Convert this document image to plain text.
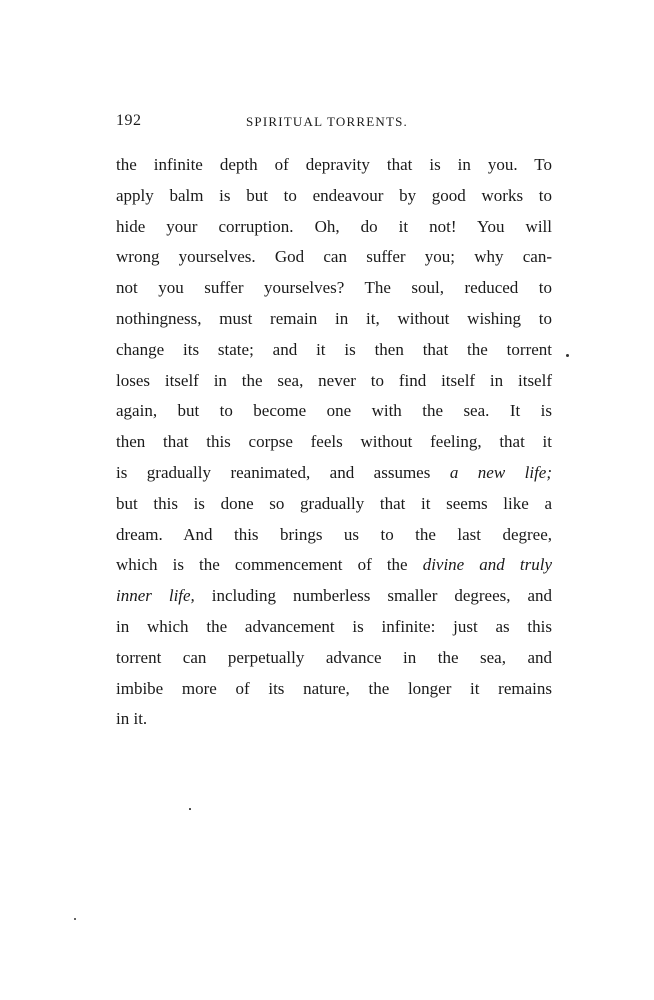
192	SPIRITUAL TORRENTS.
the infinite depth of depravity that is in you. To
apply balm is but to endeavour by good works to
hide your corruption. Oh, do it not! You will
wrong yourselves. God can suffer you; why can-
not you suffer yourselves? The soul, reduced to
nothingness, must remain in it, without wishing to
change its state; and it is then that the torrent
loses itself in the sea, never to find itself in itself
again, but to become one with the sea. It is
then that this corpse feels without feeling, that it
is gradually reanimated, and assumes a new life;
but this is done so gradually that it seems like a
dream. And this brings us to the last degree,
which is the commencement of the divine and truly
inner life, including numberless smaller degrees, and
in which the advancement is infinite: just as this
torrent can perpetually advance in the sea, and
imbibe more of its nature, the longer it remains
in it.
